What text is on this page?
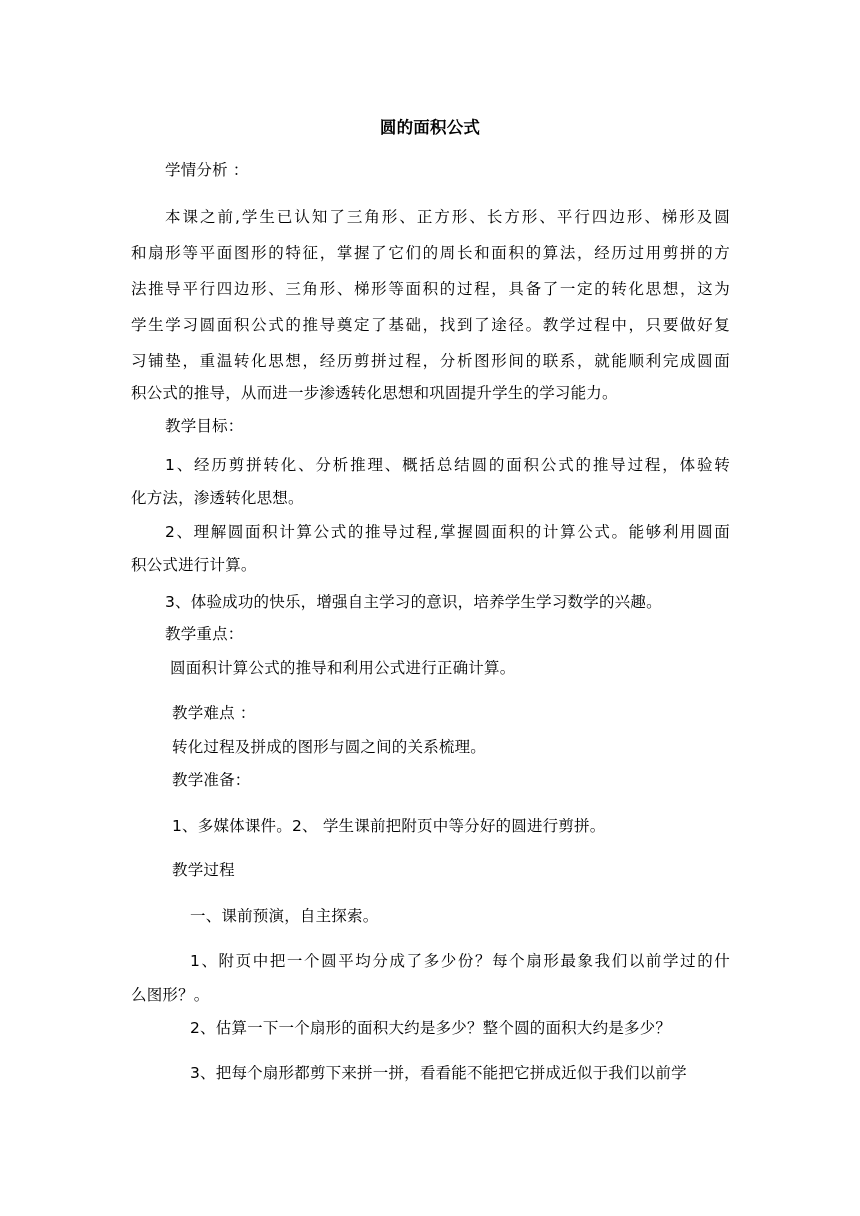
圆的面积公式
学情分析 ：
本课之前,学生已认知了三角形、正方形、长方形、平行四边形、梯形及圆
和扇形等平面图形的特征，掌握了它们的周长和面积的算法，经历过用剪拼的方
法推导平行四边形、三角形、梯形等面积的过程，具备了一定的转化思想，这为
学生学习圆面积公式的推导奠定了基础，找到了途径。教学过程中，只要做好复
习铺垫，重温转化思想，经历剪拼过程，分析图形间的联系，就能顺利完成圆面
积公式的推导，从而进一步渗透转化思想和巩固提升学生的学习能力。
教学目标：
1、经历剪拼转化、分析推理、概括总结圆的面积公式的推导过程，体验转
化方法，渗透转化思想。
2、理解圆面积计算公式的推导过程,掌握圆面积的计算公式。能够利用圆面
积公式进行计算。
3、体验成功的快乐，增强自主学习的意识，培养学生学习数学的兴趣。
教学重点：
圆面积计算公式的推导和利用公式进行正确计算。
教学难点 ：
转化过程及拼成的图形与圆之间的关系梳理。
教学准备：
1、多媒体课件。2、 学生课前把附页中等分好的圆进行剪拼。
教学过程
一、课前预演，自主探索。
1、附页中把一个圆平均分成了多少份？每个扇形最象我们以前学过的什
么图形？。
2、估算一下一个扇形的面积大约是多少？整个圆的面积大约是多少？
3、把每个扇形都剪下来拼一拼，看看能不能把它拼成近似于我们以前学
